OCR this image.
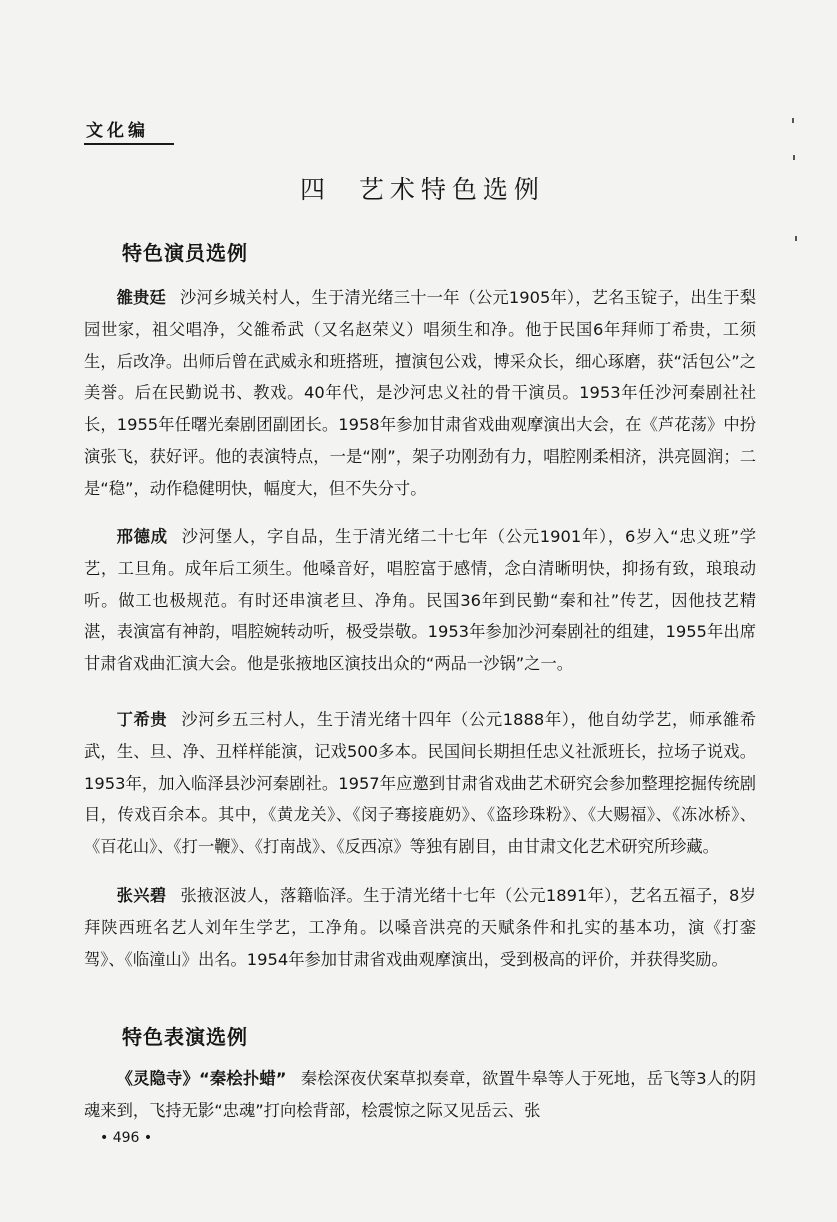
文化编
四  艺术特色选例
特色演员选例

雒贵廷 沙河乡城关村人，生于清光绪三十一年（公元1905年），艺名玉锭子，出生于梨园世家，祖父唱净，父雒希武（又名赵荣义）唱须生和净。他于民国6年拜师丁希贵，工须生，后改净。出师后曾在武威永和班搭班，擅演包公戏，博采众长，细心琢磨，获“活包公”之美誉。后在民勤说书、教戏。40年代，是沙河忠义社的骨干演员。1953年任沙河秦剧社社长，1955年任曙光秦剧团副团长。1958年参加甘肃省戏曲观摩演出大会，在《芦花荡》中扮演张飞，获好评。他的表演特点，一是“刚”，架子功刚劲有力，唱腔刚柔相济，洪亮圆润；二是“稳”，动作稳健明快，幅度大，但不失分寸。

邢德成 沙河堡人，字自品，生于清光绪二十七年（公元1901年），6岁入“忠义班”学艺，工旦角。成年后工须生。他嗓音好，唱腔富于感情，念白清晰明快，抑扬有致，琅琅动听。做工也极规范。有时还串演老旦、净角。民国36年到民勤“秦和社”传艺，因他技艺精湛，表演富有神韵，唱腔婉转动听，极受崇敬。1953年参加沙河秦剧社的组建，1955年出席甘肃省戏曲汇演大会。他是张掖地区演技出众的“两品一沙锅”之一。

丁希贵 沙河乡五三村人，生于清光绪十四年（公元1888年），他自幼学艺，师承雒希武，生、旦、净、丑样样能演，记戏500多本。民国间长期担任忠义社派班长，拉场子说戏。1953年，加入临泽县沙河秦剧社。1957年应邀到甘肃省戏曲艺术研究会参加整理挖掘传统剧目，传戏百余本。其中，《黄龙关》、《闵子骞接鹿奶》、《盗珍珠粉》、《大赐福》、《冻冰桥》、《百花山》、《打一鞭》、《打南战》、《反西凉》等独有剧目，由甘肃文化艺术研究所珍藏。

张兴碧 张掖沤波人，落籍临泽。生于清光绪十七年（公元1891年），艺名五福子，8岁拜陕西班名艺人刘年生学艺，工净角。以嗓音洪亮的天赋条件和扎实的基本功，演《打銮驾》、《临潼山》出名。1954年参加甘肃省戏曲观摩演出，受到极高的评价，并获得奖励。

特色表演选例

《灵隐寺》“秦桧扑蜡” 秦桧深夜伏案草拟奏章，欲置牛皋等人于死地，岳飞等3人的阴魂来到，飞持无影“忠魂”打向桧背部，桧震惊之际又见岳云、张

• 496 •
